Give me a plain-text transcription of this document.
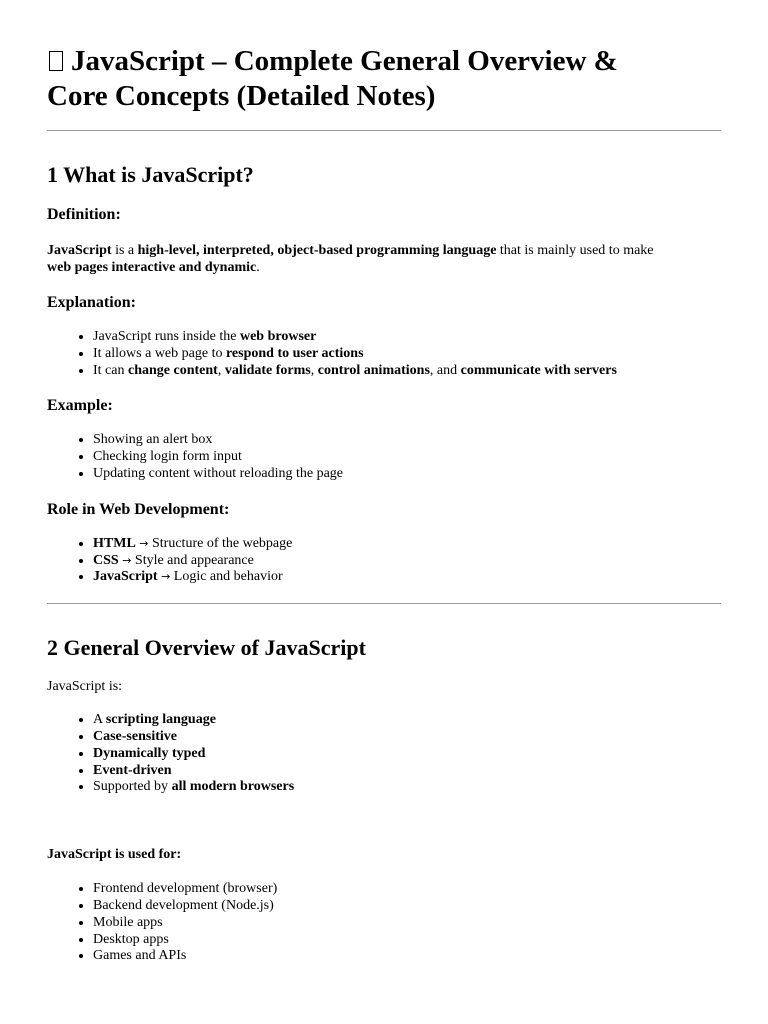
JavaScript – Complete General Overview &
Core Concepts (Detailed Notes)
1 What is JavaScript?
Definition:

JavaScript is a high-level, interpreted, object-based programming language that is mainly used to make
web pages interactive and dynamic.

Explanation:
• JavaScript runs inside the web browser
• It allows a web page to respond to user actions
• It can change content, validate forms, control animations, and communicate with servers
Example:
• Showing an alert box
• Checking login form input
• Updating content without reloading the page
Role in Web Development:
• HTML → Structure of the webpage
• CSS → Style and appearance
• JavaScript → Logic and behavior
2 General Overview of JavaScript

JavaScript is:

• A scripting language
• Case-sensitive
• Dynamically typed
• Event-driven
• Supported by all modern browsers
JavaScript is used for:
• Frontend development (browser)
• Backend development (Node.js)
• Mobile apps
• Desktop apps
• Games and APIs
